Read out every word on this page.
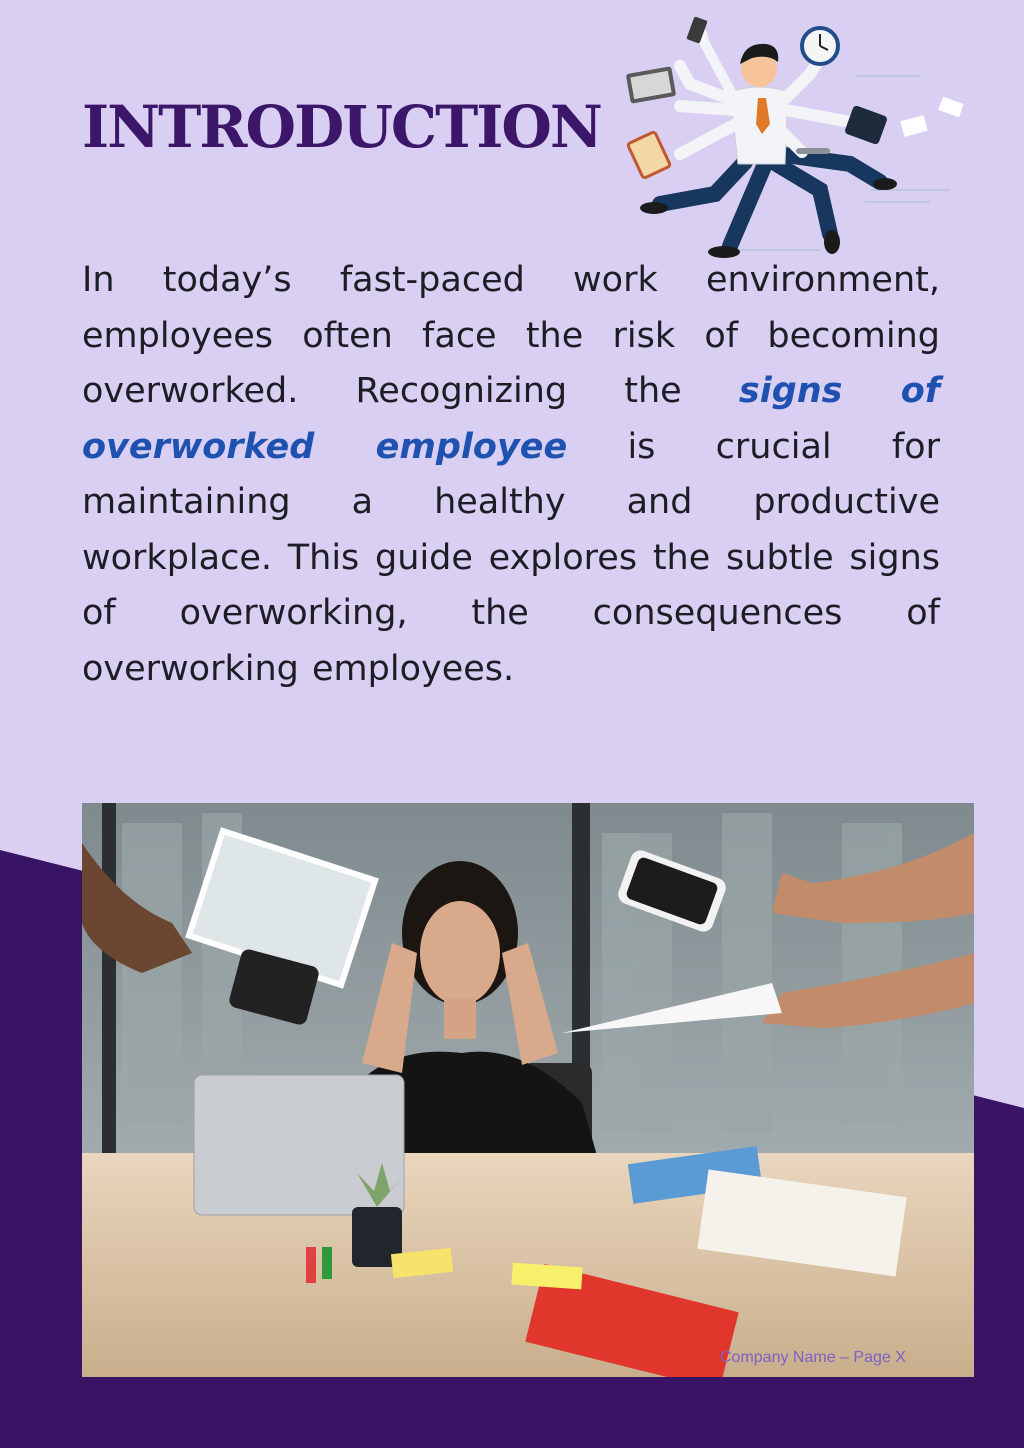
INTRODUCTION

In today’s fast-paced work environment, employees often face the risk of becoming overworked. Recognizing the signs of overworked employee is crucial for maintaining a healthy and productive workplace. This guide explores the subtle signs of overworking, the consequences of overworking employees.

Company Name – Page X
